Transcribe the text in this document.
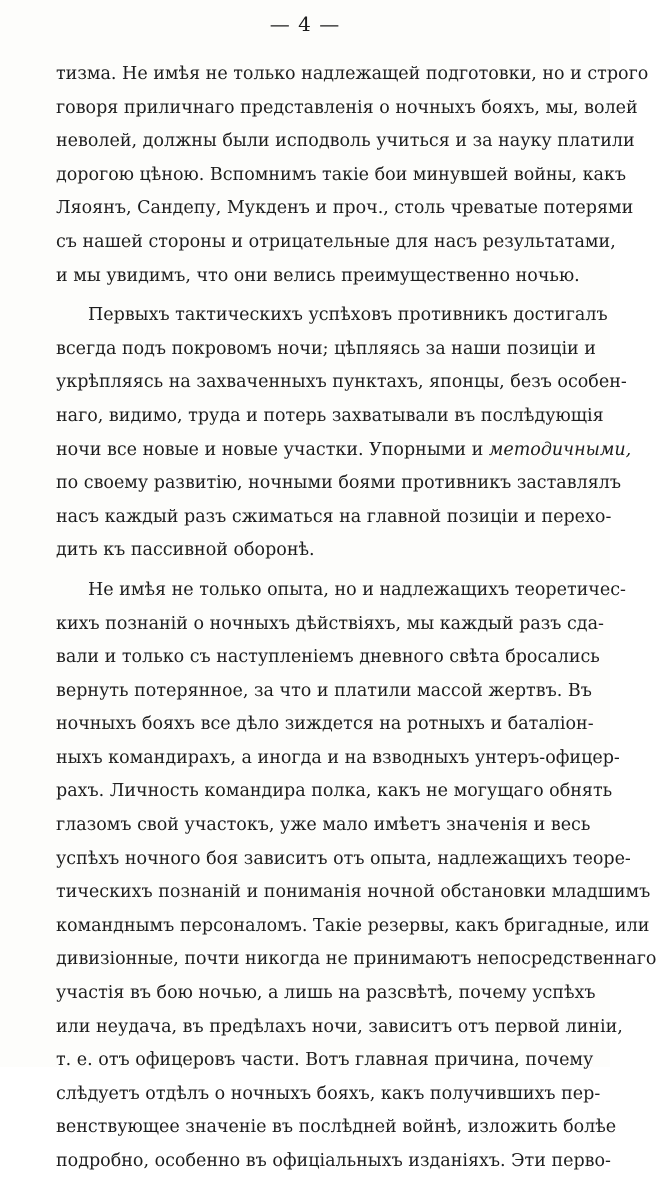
— 4 —
тизма. Не имѣя не только надлежащей подготовки, но и строго
говоря приличнаго представленія о ночныхъ бояхъ, мы, волей
неволей, должны были исподволь учиться и за науку платили
дорогою цѣною. Вспомнимъ такіе бои минувшей войны, какъ
Ляоянъ, Сандепу, Мукденъ и проч., столь чреватые потерями
съ нашей стороны и отрицательные для насъ результатами,
и мы увидимъ, что они велись преимущественно ночью.
Первыхъ тактическихъ успѣховъ противникъ достигалъ
всегда подъ покровомъ ночи; цѣпляясь за наши позиціи и
укрѣпляясь на захваченныхъ пунктахъ, японцы, безъ особен-
наго, видимо, труда и потерь захватывали въ послѣдующія
ночи все новые и новые участки. Упорными и методичными,
по своему развитію, ночными боями противникъ заставлялъ
насъ каждый разъ сжиматься на главной позиціи и перехо-
дить къ пассивной оборонѣ.
Не имѣя не только опыта, но и надлежащихъ теоретичес-
кихъ познаній о ночныхъ дѣйствіяхъ, мы каждый разъ сда-
вали и только съ наступленіемъ дневного свѣта бросались
вернуть потерянное, за что и платили массой жертвъ. Въ
ночныхъ бояхъ все дѣло зиждется на ротныхъ и баталіон-
ныхъ командирахъ, а иногда и на взводныхъ унтеръ-офицер-
рахъ. Личность командира полка, какъ не могущаго обнять
глазомъ свой участокъ, уже мало имѣетъ значенія и весь
успѣхъ ночного боя зависитъ отъ опыта, надлежащихъ теоре-
тическихъ познаній и пониманія ночной обстановки младшимъ
команднымъ персоналомъ. Такіе резервы, какъ бригадные, или
дивизіонные, почти никогда не принимаютъ непосредственнаго
участія въ бою ночью, а лишь на разсвѣтѣ, почему успѣхъ
или неудача, въ предѣлахъ ночи, зависитъ отъ первой линіи,
т. е. отъ офицеровъ части. Вотъ главная причина, почему
слѣдуетъ отдѣлъ о ночныхъ бояхъ, какъ получившихъ пер-
венствующее значеніе въ послѣдней войнѣ, изложить болѣе
подробно, особенно въ офиціальныхъ изданіяхъ. Эти перво-
